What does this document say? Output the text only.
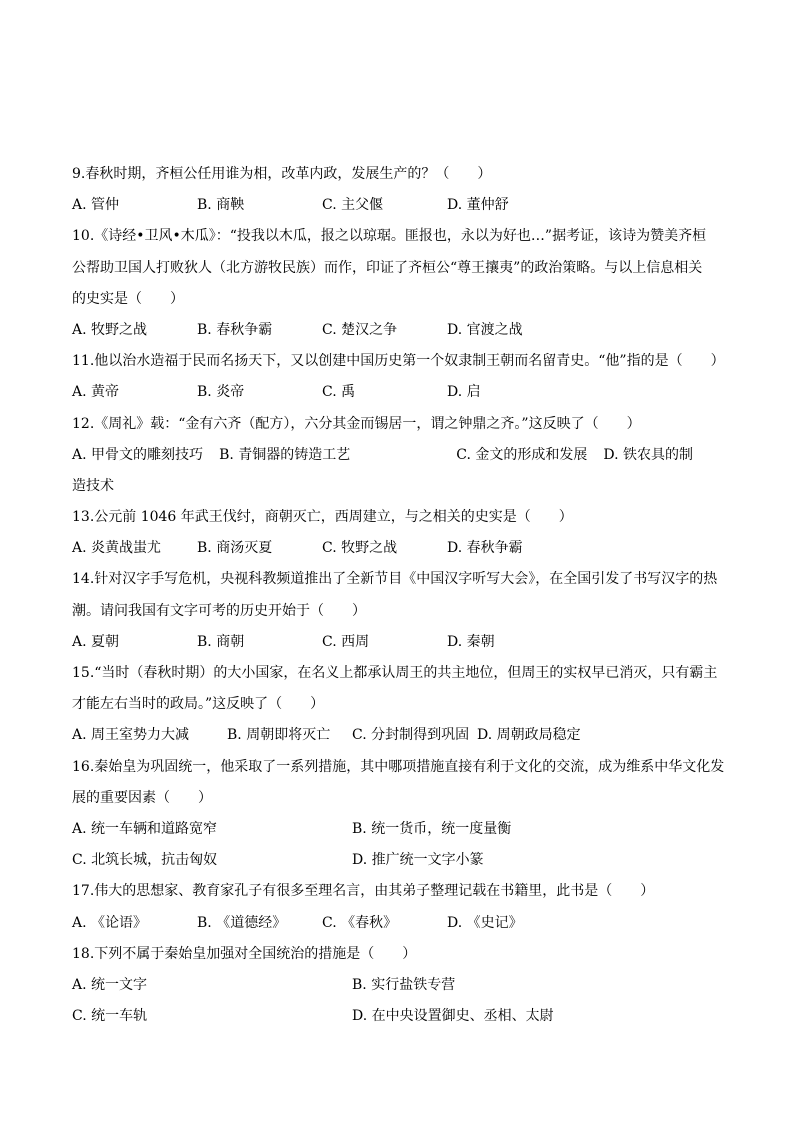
9.春秋时期，齐桓公任用谁为相，改革内政，发展生产的？（　　）
A. 管仲	B. 商鞅	C. 主父偃	D. 董仲舒
10.《诗经•卫风•木瓜》：“投我以木瓜，报之以琼琚。匪报也，永以为好也…”据考证，该诗为赞美齐桓
公帮助卫国人打败狄人（北方游牧民族）而作，印证了齐桓公“尊王攘夷”的政治策略。与以上信息相关
的史实是（　　）
A. 牧野之战	B. 春秋争霸	C. 楚汉之争	D. 官渡之战
11.他以治水造福于民而名扬天下，又以创建中国历史第一个奴隶制王朝而名留青史。“他”指的是（　　）
A. 黄帝	B. 炎帝	C. 禹	D. 启
12.《周礼》载：“金有六齐（配方），六分其金而锡居一，谓之钟鼎之齐。”这反映了（　　）
A. 甲骨文的雕刻技巧	B. 青铜器的铸造工艺	C. 金文的形成和发展	D. 铁农具的制
造技术
13.公元前 1046 年武王伐纣，商朝灭亡，西周建立，与之相关的史实是（　　）
A. 炎黄战蚩尤	B. 商汤灭夏	C. 牧野之战	D. 春秋争霸
14.针对汉字手写危机，央视科教频道推出了全新节目《中国汉字听写大会》，在全国引发了书写汉字的热
潮。请问我国有文字可考的历史开始于（　　）
A. 夏朝	B. 商朝	C. 西周	D. 秦朝
15.“当时（春秋时期）的大小国家，在名义上都承认周王的共主地位，但周王的实权早已消灭，只有霸主
才能左右当时的政局。”这反映了（　　）
A. 周王室势力大减	B. 周朝即将灭亡	C. 分封制得到巩固 D. 周朝政局稳定
16.秦始皇为巩固统一，他采取了一系列措施，其中哪项措施直接有利于文化的交流，成为维系中华文化发
展的重要因素（　　）
A. 统一车辆和道路宽窄	B. 统一货币，统一度量衡
C. 北筑长城，抗击匈奴	D. 推广统一文字小篆
17.伟大的思想家、教育家孔子有很多至理名言，由其弟子整理记载在书籍里，此书是（　　）
A. 《论语》	B. 《道德经》	C. 《春秋》	D. 《史记》
18.下列不属于秦始皇加强对全国统治的措施是（　　）
A. 统一文字	B. 实行盐铁专营
C. 统一车轨	D. 在中央设置御史、丞相、太尉
